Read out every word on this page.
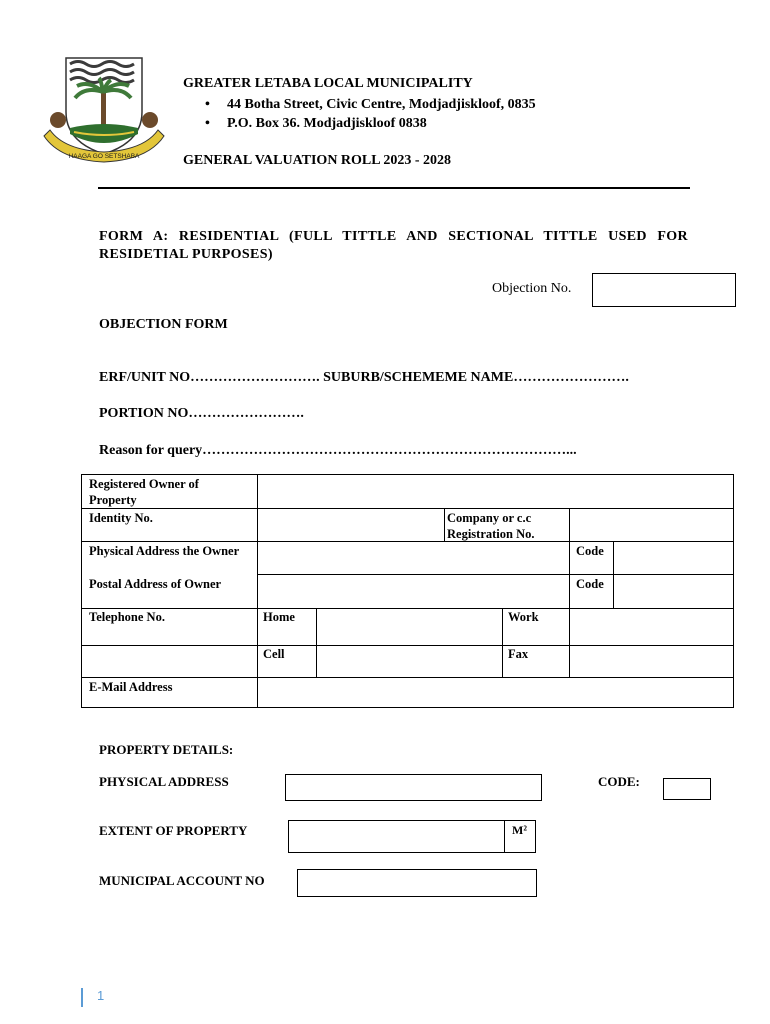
HAAGA GO SETSHABA
GREATER LETABA LOCAL MUNICIPALITY
• 44 Botha Street, Civic Centre, Modjadjiskloof, 0835
• P.O. Box 36. Modjadjiskloof 0838
GENERAL VALUATION ROLL 2023 - 2028
FORM A: RESIDENTIAL (FULL TITTLE AND SECTIONAL TITTLE USED FOR RESIDETIAL PURPOSES)
Objection No.
OBJECTION FORM
ERF/UNIT NO………………………. SUBURB/SCHEMEME NAME…………………….
PORTION NO…………………….
Reason for query……………………………………………………………………...
Registered Owner of Property
Identity No.	Company or c.c Registration No.
Physical Address the Owner	Code
Postal Address of Owner	Code
Telephone No.	Home	Work
Cell	Fax
E-Mail Address
PROPERTY DETAILS:
PHYSICAL ADDRESS	CODE:
EXTENT OF PROPERTY	M²
MUNICIPAL ACCOUNT NO
1
